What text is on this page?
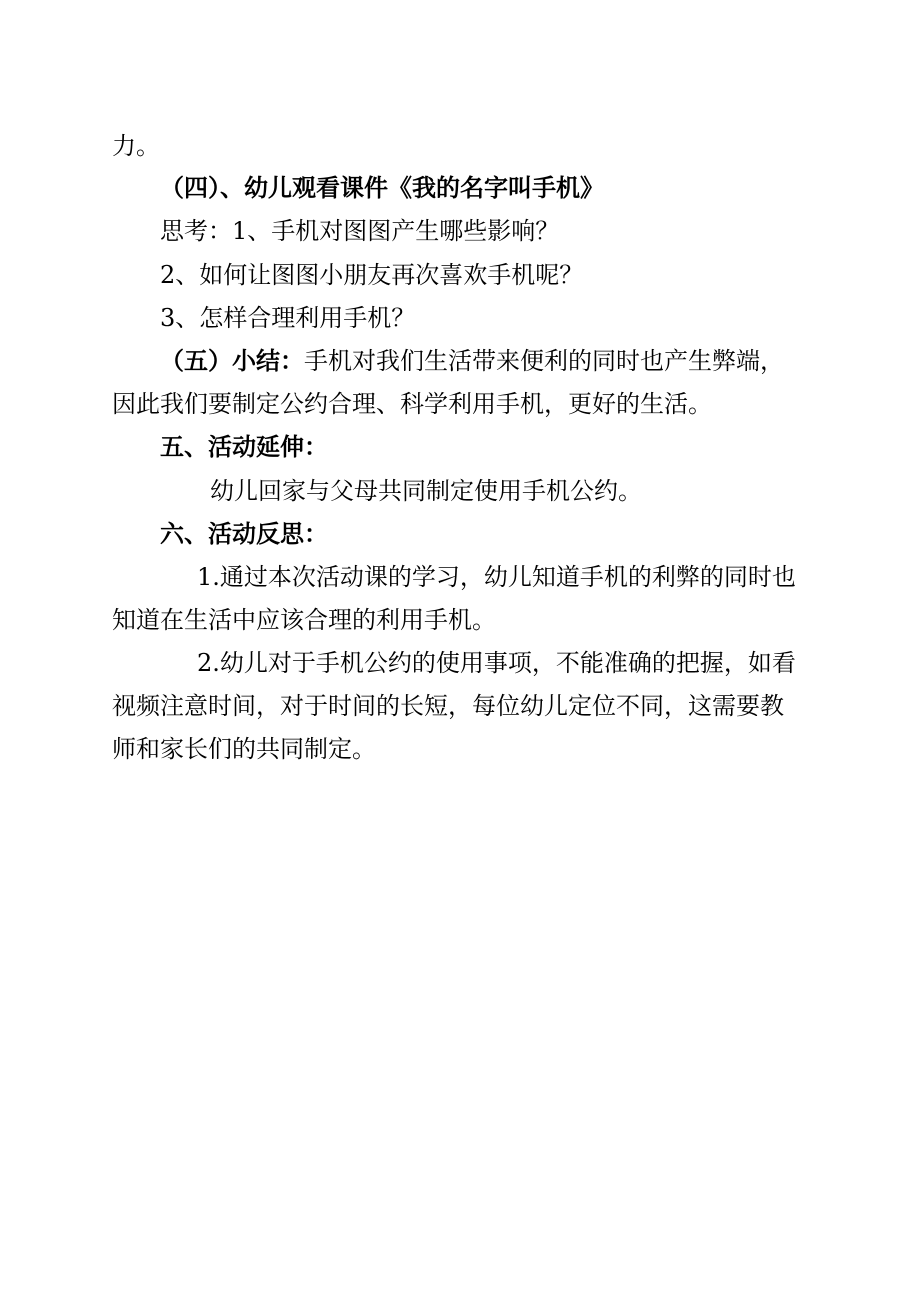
力。

（四）、幼儿观看课件《我的名字叫手机》

思考：1、手机对图图产生哪些影响？

2、如何让图图小朋友再次喜欢手机呢？

3、怎样合理利用手机？

（五）小结：手机对我们生活带来便利的同时也产生弊端，

因此我们要制定公约合理、科学利用手机，更好的生活。

五、活动延伸：

幼儿回家与父母共同制定使用手机公约。

六、活动反思：

1.通过本次活动课的学习，幼儿知道手机的利弊的同时也

知道在生活中应该合理的利用手机。

2.幼儿对于手机公约的使用事项，不能准确的把握，如看

视频注意时间，对于时间的长短，每位幼儿定位不同，这需要教

师和家长们的共同制定。
